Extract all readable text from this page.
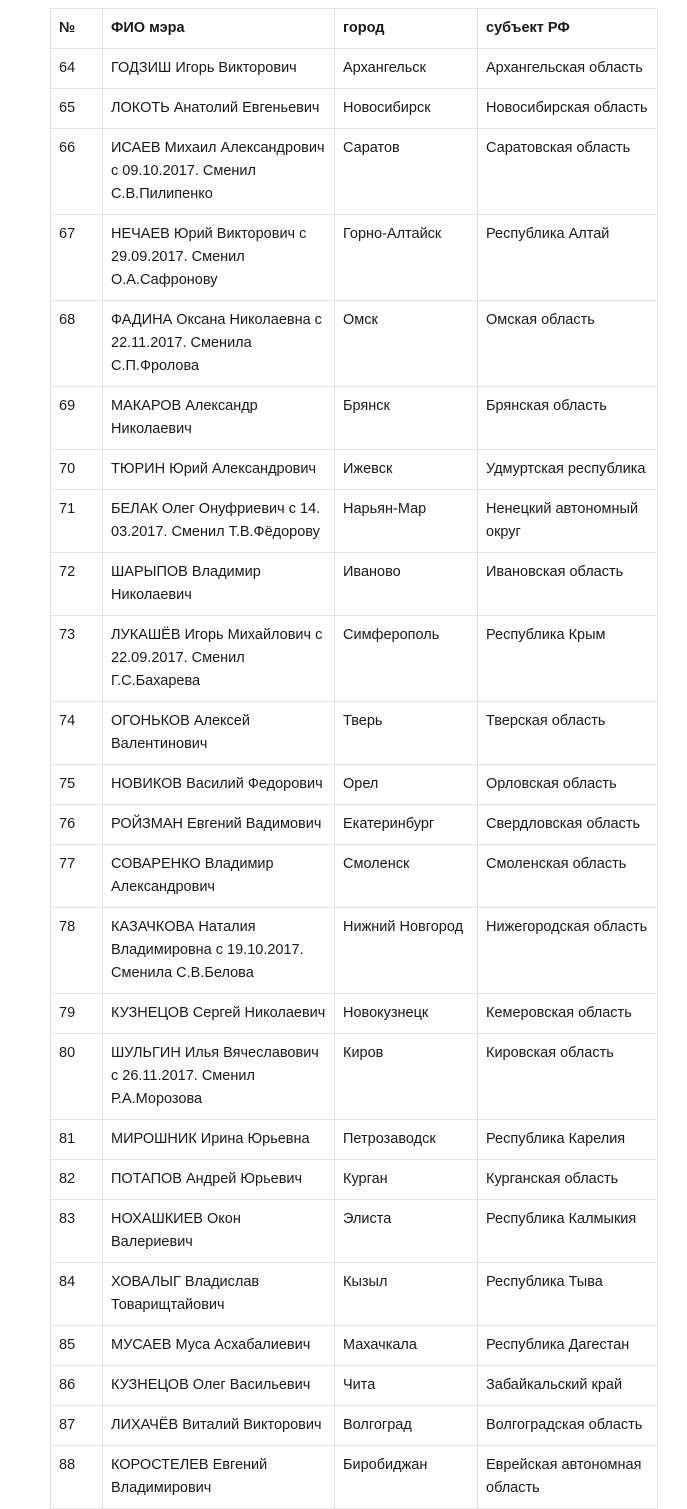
№	ФИО мэра	город	субъект РФ
64	ГОДЗИШ Игорь Викторович	Архангельск	Архангельская область
65	ЛОКОТЬ Анатолий Евгеньевич	Новосибирск	Новосибирская область
66	ИСАЕВ Михаил Александрович с 09.10.2017. Сменил С.В.Пилипенко	Саратов	Саратовская область
67	НЕЧАЕВ Юрий Викторович с 29.09.2017. Сменил О.А.Сафронову	Горно-Алтайск	Республика Алтай
68	ФАДИНА Оксана Николаевна с 22.11.2017. Сменила С.П.Фролова	Омск	Омская область
69	МАКАРОВ Александр Николаевич	Брянск	Брянская область
70	ТЮРИН Юрий Александрович	Ижевск	Удмуртская республика
71	БЕЛАК Олег Онуфриевич с 14. 03.2017. Сменил Т.В.Фёдорову	Нарьян-Мар	Ненецкий автономный округ
72	ШАРЫПОВ Владимир Николаевич	Иваново	Ивановская область
73	ЛУКАШЁВ Игорь Михайлович с 22.09.2017. Сменил Г.С.Бахарева	Симферополь	Республика Крым
74	ОГОНЬКОВ Алексей Валентинович	Тверь	Тверская область
75	НОВИКОВ Василий Федорович	Орел	Орловская область
76	РОЙЗМАН Евгений Вадимович	Екатеринбург	Свердловская область
77	СОВАРЕНКО Владимир Александрович	Смоленск	Смоленская область
78	КАЗАЧКОВА Наталия Владимировна с 19.10.2017. Сменила С.В.Белова	Нижний Новгород	Нижегородская область
79	КУЗНЕЦОВ Сергей Николаевич	Новокузнецк	Кемеровская область
80	ШУЛЬГИН Илья Вячеславович с 26.11.2017. Сменил Р.А.Морозова	Киров	Кировская область
81	МИРОШНИК Ирина Юрьевна	Петрозаводск	Республика Карелия
82	ПОТАПОВ Андрей Юрьевич	Курган	Курганская область
83	НОХАШКИЕВ Окон Валериевич	Элиста	Республика Калмыкия
84	ХОВАЛЫГ Владислав Товарищтайович	Кызыл	Республика Тыва
85	МУСАЕВ Муса Асхабалиевич	Махачкала	Республика Дагестан
86	КУЗНЕЦОВ Олег Васильевич	Чита	Забайкальский край
87	ЛИХАЧЁВ Виталий Викторович	Волгоград	Волгоградская область
88	КОРОСТЕЛЕВ Евгений Владимирович	Биробиджан	Еврейская автономная область
